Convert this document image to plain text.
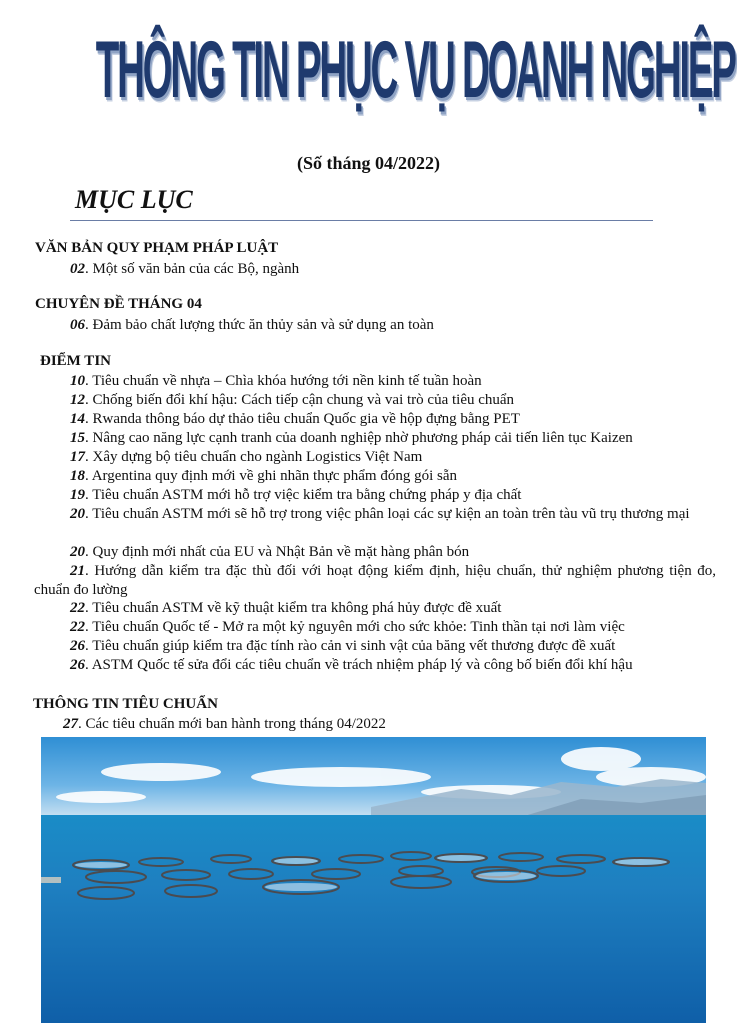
THÔNG TIN PHỤC VỤ DOANH NGHIỆP
(Số tháng 04/2022)
MỤC LỤC
VĂN BẢN QUY PHẠM PHÁP LUẬT
02. Một số văn bản của các Bộ, ngành
CHUYÊN ĐỀ THÁNG 04
06. Đảm bảo chất lượng thức ăn thủy sản và sử dụng an toàn
ĐIỂM TIN
10. Tiêu chuẩn về nhựa – Chìa khóa hướng tới nền kinh tế tuần hoàn
12. Chống biến đổi khí hậu: Cách tiếp cận chung và vai trò của tiêu chuẩn
14. Rwanda thông báo dự thảo tiêu chuẩn Quốc gia về hộp đựng bằng PET
15. Nâng cao năng lực cạnh tranh của doanh nghiệp nhờ phương pháp cải tiến liên tục Kaizen
17. Xây dựng bộ tiêu chuẩn cho ngành Logistics Việt Nam
18. Argentina quy định mới về ghi nhãn thực phẩm đóng gói sẵn
19. Tiêu chuẩn ASTM mới hỗ trợ việc kiểm tra bằng chứng pháp y địa chất
20. Tiêu chuẩn ASTM mới sẽ hỗ trợ trong việc phân loại các sự kiện an toàn trên tàu vũ trụ thương mại
20. Quy định mới nhất của EU và Nhật Bản về mặt hàng phân bón
21. Hướng dẫn kiểm tra đặc thù đối với hoạt động kiểm định, hiệu chuẩn, thử nghiệm phương tiện đo, chuẩn đo lường
22. Tiêu chuẩn ASTM về kỹ thuật kiểm tra không phá hủy được đề xuất
22. Tiêu chuẩn Quốc tế - Mở ra một kỷ nguyên mới cho sức khỏe: Tinh thần tại nơi làm việc
26. Tiêu chuẩn giúp kiểm tra đặc tính rào cản vi sinh vật của băng vết thương được đề xuất
26. ASTM Quốc tế sửa đổi các tiêu chuẩn về trách nhiệm pháp lý và công bố biến đổi khí hậu
THÔNG TIN TIÊU CHUẨN
27. Các tiêu chuẩn mới ban hành trong tháng 04/2022
